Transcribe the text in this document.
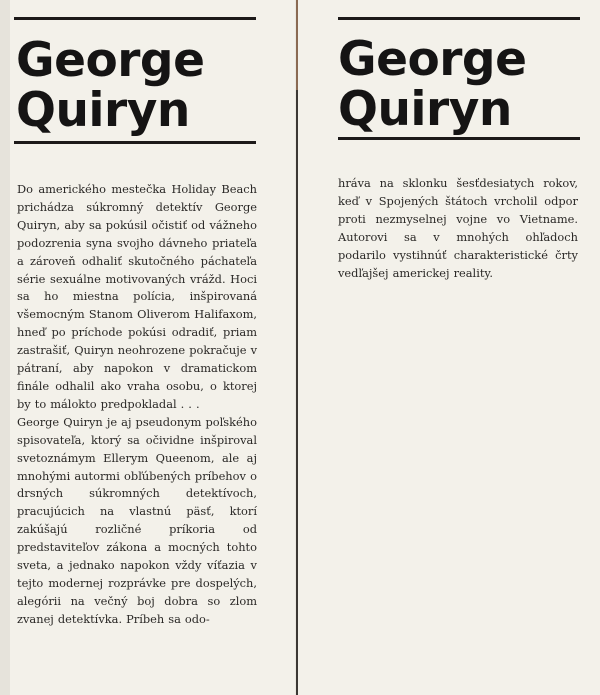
George
Quiryn

Do amerického mestečka Holiday Beach prichádza súkromný detektív George Quiryn, aby sa pokúsil očistiť od vážneho podozrenia syna svojho dávneho priateľa a zároveň odhaliť skutočného páchateľa série sexuálne motivovaných vrážd. Hoci sa ho miestna polícia, inšpirovaná všemocným Stanom Oliverom Halifaxom, hneď po príchode pokúsi odradiť, priam zastrašiť, Quiryn neohrozene pokračuje v pátraní, aby napokon v dramatickom finále odhalil ako vraha osobu, o ktorej by to málokto predpokladal . . .

George Quiryn je aj pseudonym poľského spisovateľa, ktorý sa očividne inšpiroval svetoznámym Ellerym Queenom, ale aj mnohými autormi obľúbených príbehov o drsných súkromných detektívoch, pracujúcich na vlastnú päsť, ktorí zakúšajú rozličné príkoria od predstaviteľov zákona a mocných tohto sveta, a jednako napokon vždy víťazia v tejto modernej rozprávke pre dospelých, alegórii na večný boj dobra so zlom zvanej detektívka. Príbeh sa odo-

George
Quiryn

hráva na sklonku šesťdesiatych rokov, keď v Spojených štátoch vrcholil odpor proti nezmyselnej vojne vo Vietname. Autorovi sa v mnohých ohľadoch podarilo vystihnúť charakteristické črty vedľajšej americkej reality.
